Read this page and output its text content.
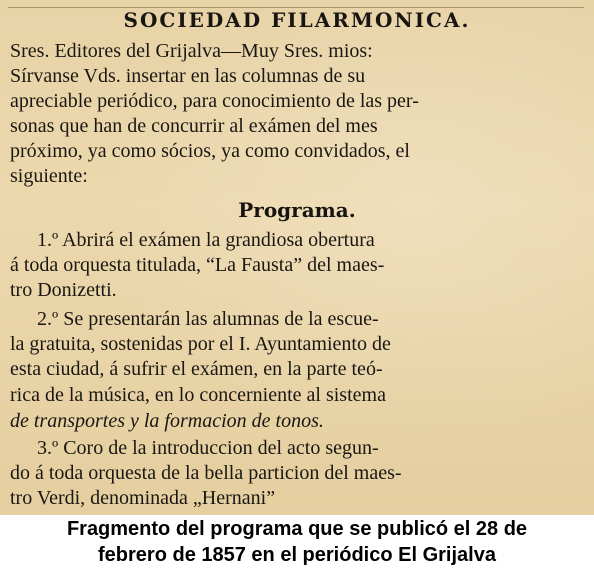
SOCIEDAD FILARMONICA.
Sres. Editores del Grijalva—Muy Sres. mios:
Sírvanse Vds. insertar en las columnas de su
apreciable periódico, para conocimiento de las per-
sonas que han de concurrir al exámen del mes
próximo, ya como sócios, ya como convidados, el
siguiente:
Programa.
1.º Abrirá el exámen la grandiosa obertura
á toda orquesta titulada, “La Fausta” del maes-
tro Donizetti.
2.º Se presentarán las alumnas de la escue-
la gratuita, sostenidas por el I. Ayuntamiento de
esta ciudad, á sufrir el exámen, en la parte teó-
rica de la música, en lo concerniente al sistema
de transportes y la formacion de tonos.
3.º Coro de la introduccion del acto segun-
do á toda orquesta de la bella particion del maes-
tro Verdi, denominada „Hernani”
Fragmento del programa que se publicó el 28 de
febrero de 1857 en el periódico El Grijalva
